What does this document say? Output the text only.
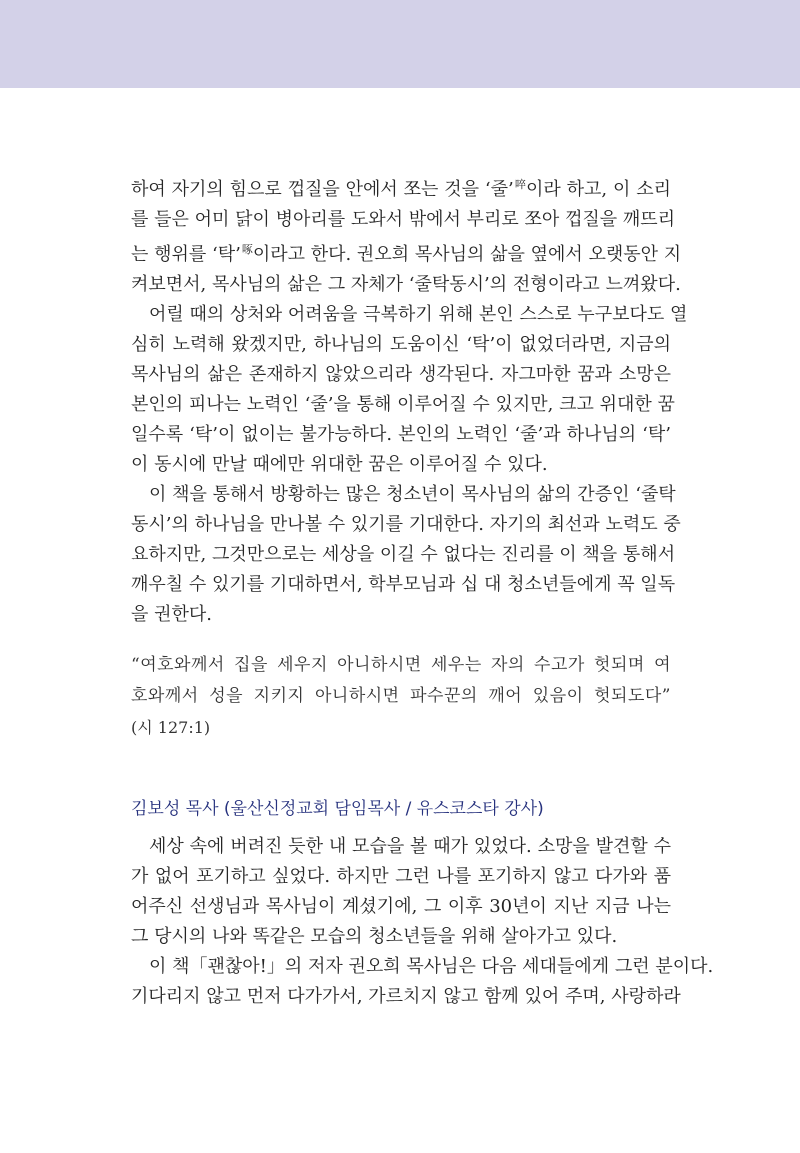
하여 자기의 힘으로 껍질을 안에서 쪼는 것을 ‘줄’$^啐$이라 하고, 이 소리

를 들은 어미 닭이 병아리를 도와서 밖에서 부리로 쪼아 껍질을 깨뜨리

는 행위를 ‘탁’$^啄$이라고 한다. 권오희 목사님의 삶을 옆에서 오랫동안 지

켜보면서, 목사님의 삶은 그 자체가 ‘줄탁동시’의 전형이라고 느껴왔다.

어릴 때의 상처와 어려움을 극복하기 위해 본인 스스로 누구보다도 열

심히 노력해 왔겠지만, 하나님의 도움이신 ‘탁’이 없었더라면, 지금의

목사님의 삶은 존재하지 않았으리라 생각된다. 자그마한 꿈과 소망은

본인의 피나는 노력인 ‘줄’을 통해 이루어질 수 있지만, 크고 위대한 꿈

일수록 ‘탁’이 없이는 불가능하다. 본인의 노력인 ‘줄’과 하나님의 ‘탁’

이 동시에 만날 때에만 위대한 꿈은 이루어질 수 있다.

이 책을 통해서 방황하는 많은 청소년이 목사님의 삶의 간증인 ‘줄탁

동시’의 하나님을 만나볼 수 있기를 기대한다. 자기의 최선과 노력도 중

요하지만, 그것만으로는 세상을 이길 수 없다는 진리를 이 책을 통해서

깨우칠 수 있기를 기대하면서, 학부모님과 십 대 청소년들에게 꼭 일독

을 권한다.

“여호와께서 집을 세우지 아니하시면 세우는 자의 수고가 헛되며 여

호와께서 성을 지키지 아니하시면 파수꾼의 깨어 있음이 헛되도다”

(시 127:1)

김보성 목사 (울산신정교회 담임목사 / 유스코스타 강사)

세상 속에 버려진 듯한 내 모습을 볼 때가 있었다. 소망을 발견할 수

가 없어 포기하고 싶었다. 하지만 그런 나를 포기하지 않고 다가와 품

어주신 선생님과 목사님이 계셨기에, 그 이후 30년이 지난 지금 나는

그 당시의 나와 똑같은 모습의 청소년들을 위해 살아가고 있다.

이 책「괜찮아!」의 저자 권오희 목사님은 다음 세대들에게 그런 분이다.

기다리지 않고 먼저 다가가서, 가르치지 않고 함께 있어 주며, 사랑하라
